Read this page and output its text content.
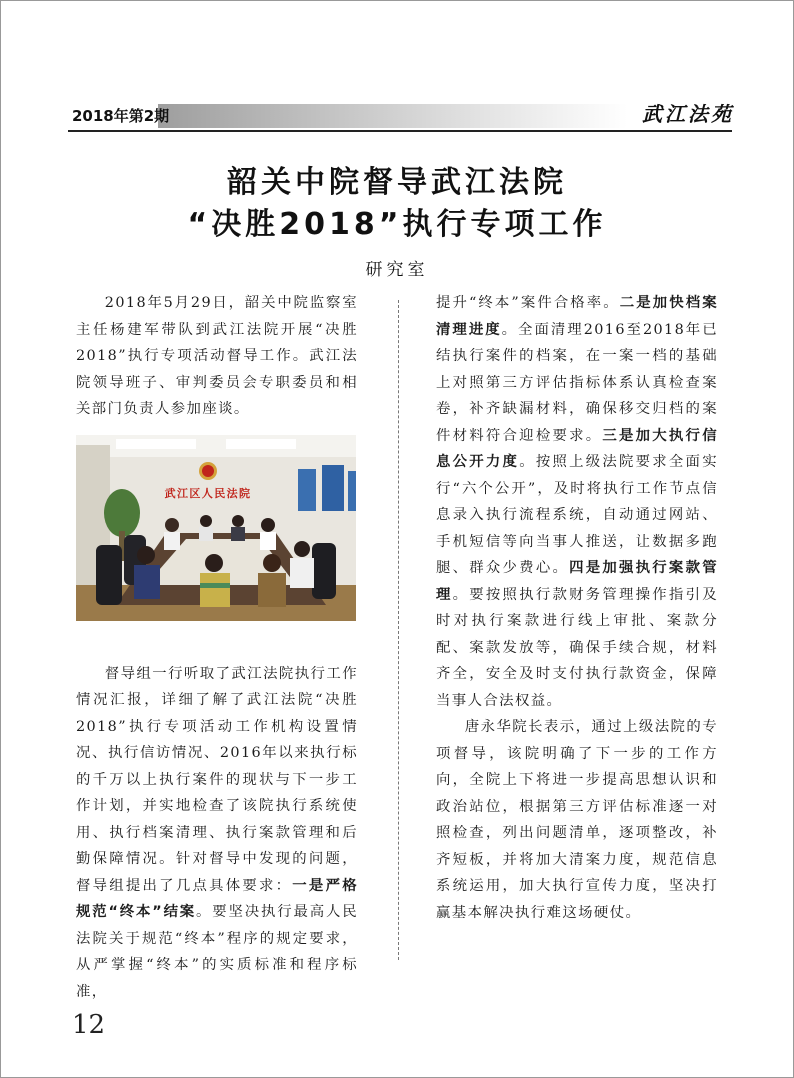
2018年第2期	武江法苑
韶关中院督导武江法院
“决胜2018”执行专项工作
研究室

2018年5月29日，韶关中院监察室主任杨建军带队到武江法院开展“决胜2018”执行专项活动督导工作。武江法院领导班子、审判委员会专职委员和相关部门负责人参加座谈。

武江区人民法院

督导组一行听取了武江法院执行工作情况汇报，详细了解了武江法院“决胜2018”执行专项活动工作机构设置情况、执行信访情况、2016年以来执行标的千万以上执行案件的现状与下一步工作计划，并实地检查了该院执行系统使用、执行档案清理、执行案款管理和后勤保障情况。针对督导中发现的问题，督导组提出了几点具体要求：一是严格规范“终本”结案。要坚决执行最高人民法院关于规范“终本”程序的规定要求，从严掌握“终本”的实质标准和程序标准，

提升“终本”案件合格率。二是加快档案清理进度。全面清理2016至2018年已结执行案件的档案，在一案一档的基础上对照第三方评估指标体系认真检查案卷，补齐缺漏材料，确保移交归档的案件材料符合迎检要求。三是加大执行信息公开力度。按照上级法院要求全面实行“六个公开”，及时将执行工作节点信息录入执行流程系统，自动通过网站、手机短信等向当事人推送，让数据多跑腿、群众少费心。四是加强执行案款管理。要按照执行款财务管理操作指引及时对执行案款进行线上审批、案款分配、案款发放等，确保手续合规，材料齐全，安全及时支付执行款资金，保障当事人合法权益。

唐永华院长表示，通过上级法院的专项督导，该院明确了下一步的工作方向，全院上下将进一步提高思想认识和政治站位，根据第三方评估标准逐一对照检查，列出问题清单，逐项整改，补齐短板，并将加大清案力度，规范信息系统运用，加大执行宣传力度，坚决打赢基本解决执行难这场硬仗。

12
